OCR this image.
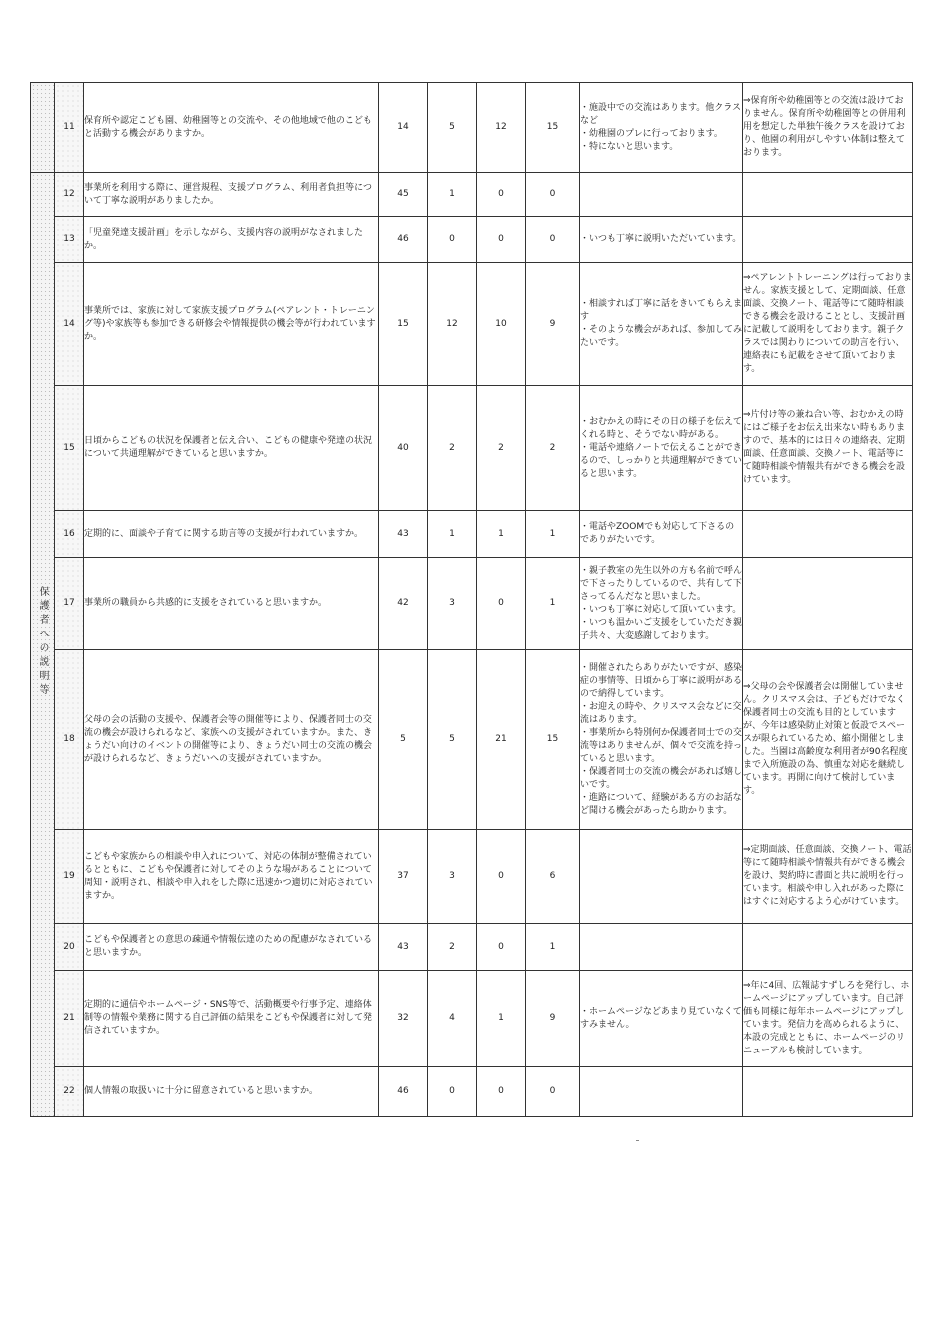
	11	保育所や認定こども園、幼稚園等との交流や、その他地域で他のこどもと活動する機会がありますか。	14	5	12	15	・施設中での交流はあります。他クラスなど
・幼稚園のプレに行っております。
・特にないと思います。	⇒保育所や幼稚園等との交流は設けておりません。保育所や幼稚園等との併用利用を想定した単独午後クラスを設けており、他園の利用がしやすい体制は整えております。

保護者への説明等	12	事業所を利用する際に、運営規程、支援プログラム、利用者負担等について丁寧な説明がありましたか。	45	1	0	0		
	13	「児童発達支援計画」を示しながら、支援内容の説明がなされましたか。	46	0	0	0	・いつも丁寧に説明いただいています。	

	14	事業所では、家族に対して家族支援プログラム(ペアレント・トレーニング等)や家族等も参加できる研修会や情報提供の機会等が行われていますか。	15	12	10	9	・相談すれば丁寧に話をきいてもらえます
・そのような機会があれば、参加してみたいです。	⇒ペアレントトレーニングは行っておりません。家族支援として、定期面談、任意面談、交換ノート、電話等にて随時相談できる機会を設けることとし、支援計画に記載して説明をしております。親子クラスでは関わりについての助言を行い、連絡表にも記載をさせて頂いております。

	15	日頃からこどもの状況を保護者と伝え合い、こどもの健康や発達の状況について共通理解ができていると思いますか。	40	2	2	2	・おむかえの時にその日の様子を伝えてくれる時と、そうでない時がある。
・電話や連絡ノートで伝えることができるので、しっかりと共通理解ができていると思います。	⇒片付け等の兼ね合い等、おむかえの時にはご様子をお伝え出来ない時もありますので、基本的には日々の連絡表、定期面談、任意面談、交換ノート、電話等にて随時相談や情報共有ができる機会を設けています。

	16	定期的に、面談や子育てに関する助言等の支援が行われていますか。	43	1	1	1	・電話やZOOMでも対応して下さるのでありがたいです。	

	17	事業所の職員から共感的に支援をされていると思いますか。	42	3	0	1	・親子教室の先生以外の方も名前で呼んで下さったりしているので、共有して下さってるんだなと思いました。
・いつも丁寧に対応して頂いています。
・いつも温かいご支援をしていただき親子共々、大変感謝しております。	

	18	父母の会の活動の支援や、保護者会等の開催等により、保護者同士の交流の機会が設けられるなど、家族への支援がされていますか。また、きょうだい向けのイベントの開催等により、きょうだい同士の交流の機会が設けられるなど、きょうだいへの支援がされていますか。	5	5	21	15	・開催されたらありがたいですが、感染症の事情等、日頃から丁寧に説明があるので納得しています。
・お迎えの時や、クリスマス会などに交流はあります。
・事業所から特別何か保護者同士での交流等はありませんが、個々で交流を持っていると思います。
・保護者同士の交流の機会があれば嬉しいです。
・進路について、経験がある方のお話など聞ける機会があったら助かります。	⇒父母の会や保護者会は開催していません。クリスマス会は、子どもだけでなく保護者同士の交流も目的としていますが、今年は感染防止対策と仮設でスペースが限られているため、縮小開催としました。当園は高齢度な利用者が90名程度まで入所施設の為、慎重な対応を継続しています。再開に向けて検討しています。

	19	こどもや家族からの相談や申入れについて、対応の体制が整備されているとともに、こどもや保護者に対してそのような場があることについて周知・説明され、相談や申入れをした際に迅速かつ適切に対応されていますか。	37	3	0	6		⇒定期面談、任意面談、交換ノート、電話等にて随時相談や情報共有ができる機会を設け、契約時に書面と共に説明を行っています。相談や申し入れがあった際にはすぐに対応するよう心がけています。

	20	こどもや保護者との意思の疎通や情報伝達のための配慮がなされていると思いますか。	43	2	0	1		
	21	定期的に通信やホームページ・SNS等で、活動概要や行事予定、連絡体制等の情報や業務に関する自己評価の結果をこどもや保護者に対して発信されていますか。	32	4	1	9	・ホームページなどあまり見ていなくてすみません。	⇒年に4回、広報誌すずしろを発行し、ホームページにアップしています。自己評価も同様に毎年ホームページにアップしています。発信力を高められるように、本設の完成とともに、ホームページのリニューアルも検討しています。

	22	個人情報の取扱いに十分に留意されていると思いますか。	46	0	0	0		
